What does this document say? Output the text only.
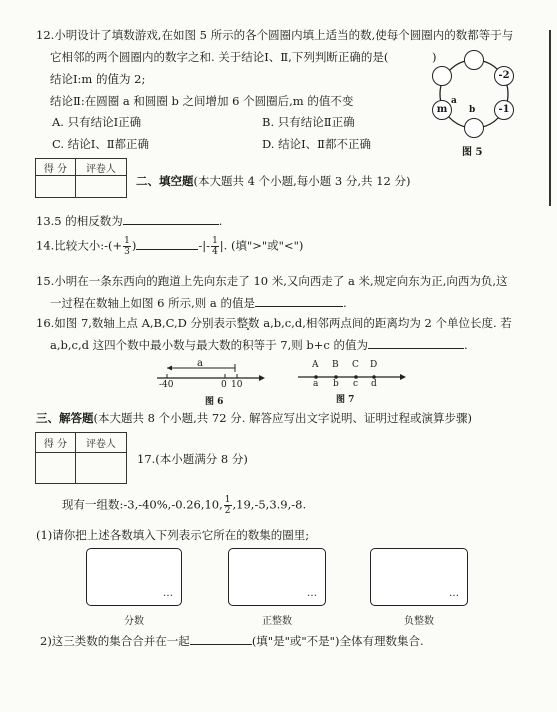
12.小明设计了填数游戏,在如图 5 所示的各个圆圈内填上适当的数,使每个圆圈内的数都等于与
它相邻的两个圆圈内的数字之和. 关于结论Ⅰ、Ⅱ,下列判断正确的是(	)
结论Ⅰ:m 的值为 2;
结论Ⅱ:在圆圈 a 和圆圈 b 之间增加 6 个圆圈后,m 的值不变
A. 只有结论Ⅰ正确	B. 只有结论Ⅱ正确
C. 结论Ⅰ、Ⅱ都正确	D. 结论Ⅰ、Ⅱ都不正确
-2
-1
m
a
b
图 5
得 分	评卷人

二、填空题(本大题共 4 个小题,每小题 3 分,共 12 分)
13.5 的相反数为	.
14.比较大小:-(+ $\frac{1}{3}$ )	-|- $\frac{1}{4}$ |. (填">"或"<")
15.小明在一条东西向的跑道上先向东走了 10 米,又向西走了 a 米,规定向东为正,向西为负,这
一过程在数轴上如图 6 所示,则 a 的值是	.
16.如图 7,数轴上点 A,B,C,D 分别表示整数 . a,b,c,d,相邻两点间的距离均为 2 个单位长度. 若
a,b,c,d 这四个数中最小数与最大数的积等于 7,则 b+c 的值为	.
a
-40	0 10
图 6
A B C D
a b c d
图 7
三、解答题(本大题共 8 个小题,共 72 分. 解答应写出文字说明、证明过程或演算步骤)
得 分	评卷人

17.(本小题满分 8 分)
现有一组数:-3,-40%,-0.26,10, $\frac{1}{2} ,19,-5,3.9,-8$.
(1)请你把上述各数填入下列表示它所在的数集的圈里;
…
分数
…
正整数
…
负整数
2)这三类数的集合合并在一起	(填"是"或"不是")全体有理数集合.
